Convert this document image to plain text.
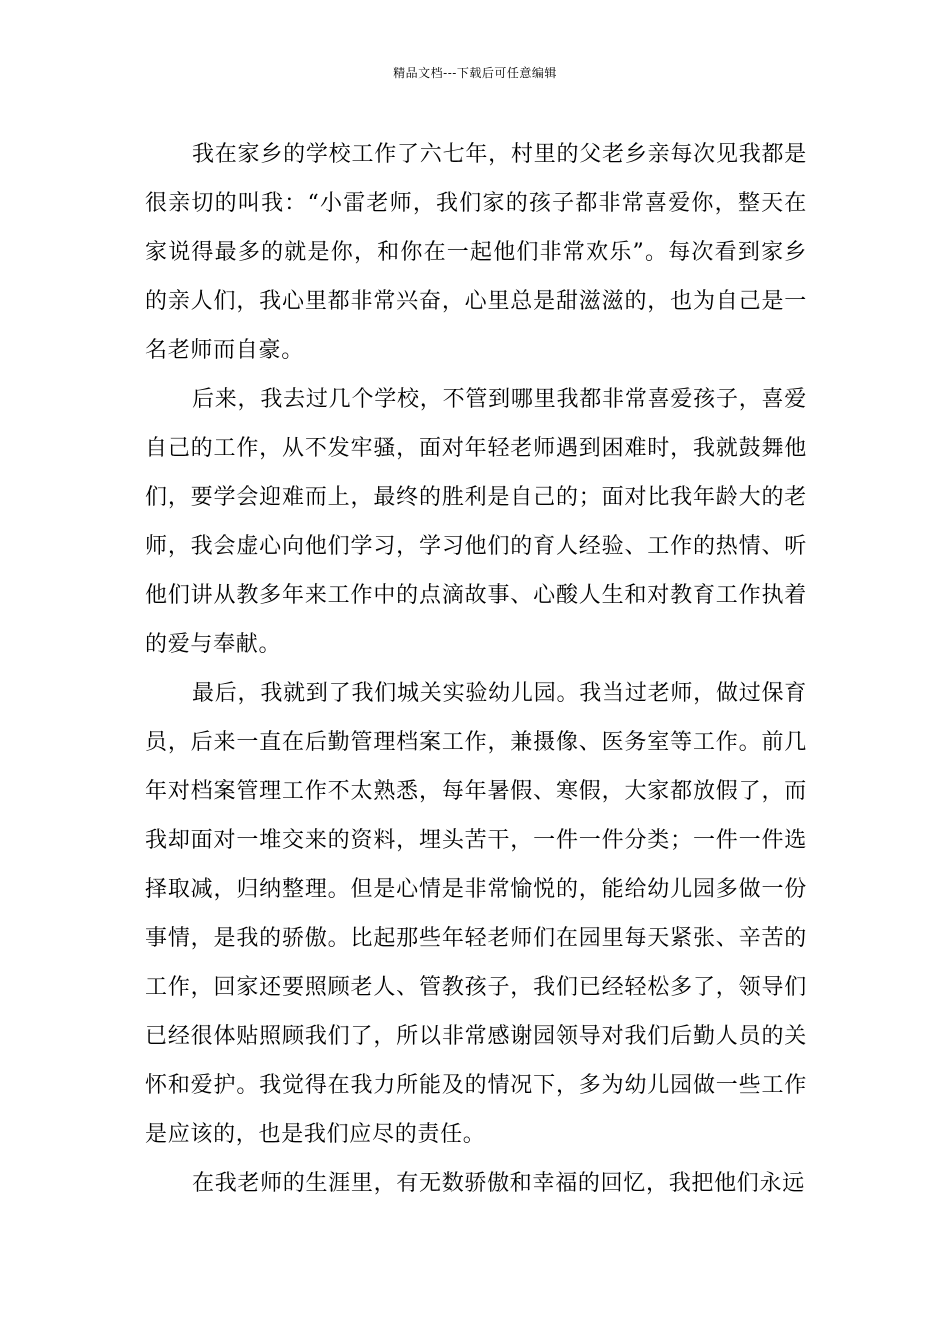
精品文档---下载后可任意编辑

我在家乡的学校工作了六七年，村里的父老乡亲每次见我都是很亲切的叫我：“小雷老师，我们家的孩子都非常喜爱你，整天在家说得最多的就是你，和你在一起他们非常欢乐”。每次看到家乡的亲人们，我心里都非常兴奋，心里总是甜滋滋的，也为自己是一名老师而自豪。

后来，我去过几个学校，不管到哪里我都非常喜爱孩子，喜爱自己的工作，从不发牢骚，面对年轻老师遇到困难时，我就鼓舞他们，要学会迎难而上，最终的胜利是自己的；面对比我年龄大的老师，我会虚心向他们学习，学习他们的育人经验、工作的热情、听他们讲从教多年来工作中的点滴故事、心酸人生和对教育工作执着的爱与奉献。

最后，我就到了我们城关实验幼儿园。我当过老师，做过保育员，后来一直在后勤管理档案工作，兼摄像、医务室等工作。前几年对档案管理工作不太熟悉，每年暑假、寒假，大家都放假了，而我却面对一堆交来的资料，埋头苦干，一件一件分类；一件一件选择取减，归纳整理。但是心情是非常愉悦的，能给幼儿园多做一份事情，是我的骄傲。比起那些年轻老师们在园里每天紧张、辛苦的工作，回家还要照顾老人、管教孩子，我们已经轻松多了，领导们已经很体贴照顾我们了，所以非常感谢园领导对我们后勤人员的关怀和爱护。我觉得在我力所能及的情况下，多为幼儿园做一些工作是应该的，也是我们应尽的责任。

在我老师的生涯里，有无数骄傲和幸福的回忆，我把他们永远
